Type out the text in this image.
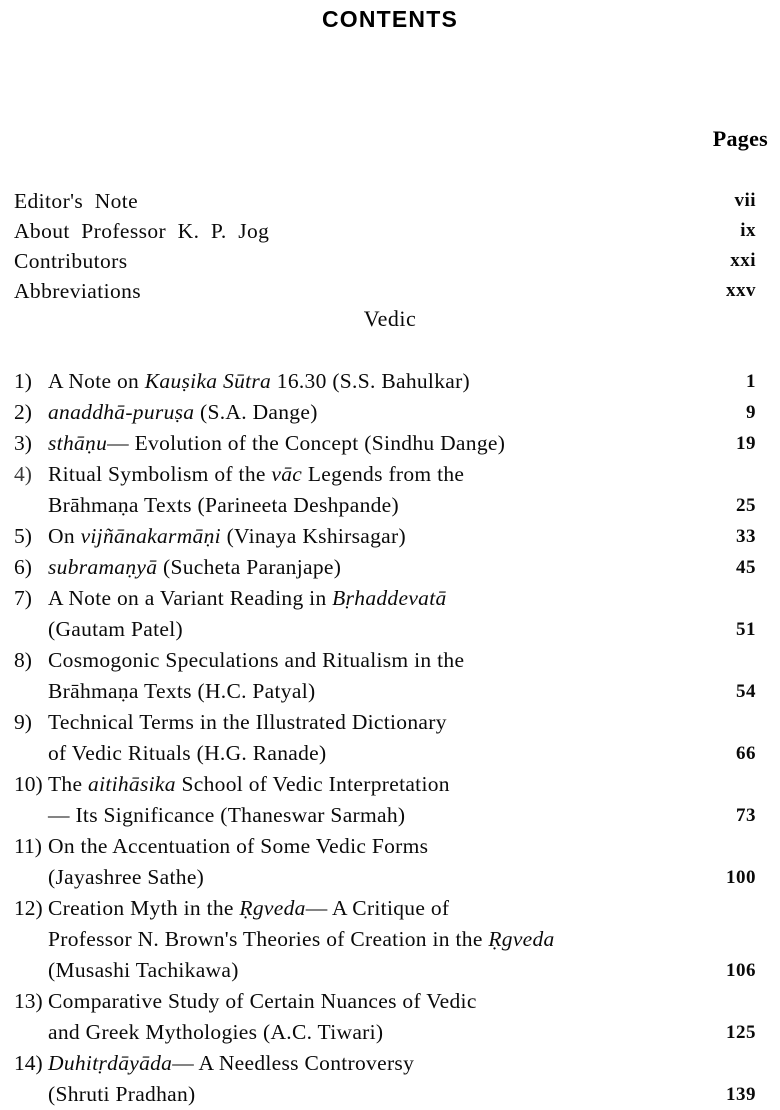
CONTENTS
Pages
Editor's  Note	vii
About  Professor  K.  P.  Jog	ix
Contributors	xxi
Abbreviations	xxv
Vedic
1) A Note on Kauṣika Sūtra 16.30 (S.S. Bahulkar)	1
2) anaddhā-puruṣa (S.A. Dange)	9
3) sthāṇu— Evolution of the Concept (Sindhu Dange)	19
4) Ritual Symbolism of the vāc Legends from the
Brāhmaṇa Texts (Parineeta Deshpande)	25
5) On vijñānakarmāṇi (Vinaya Kshirsagar)	33
6) subramaṇyā (Sucheta Paranjape)	45
7) A Note on a Variant Reading in Bṛhaddevatā
(Gautam Patel)	51
8) Cosmogonic Speculations and Ritualism in the
Brāhmaṇa Texts (H.C. Patyal)	54
9) Technical Terms in the Illustrated Dictionary
of Vedic Rituals (H.G. Ranade)	66
10) The aitihāsika School of Vedic Interpretation
— Its Significance (Thaneswar Sarmah)	73
11) On the Accentuation of Some Vedic Forms
(Jayashree Sathe)	100
12) Creation Myth in the Ṛgveda— A Critique of
Professor N. Brown's Theories of Creation in the Ṛgveda
(Musashi Tachikawa)	106
13) Comparative Study of Certain Nuances of Vedic
and Greek Mythologies (A.C. Tiwari)	125
14) Duhitṛdāyāda— A Needless Controversy
(Shruti Pradhan)	139
